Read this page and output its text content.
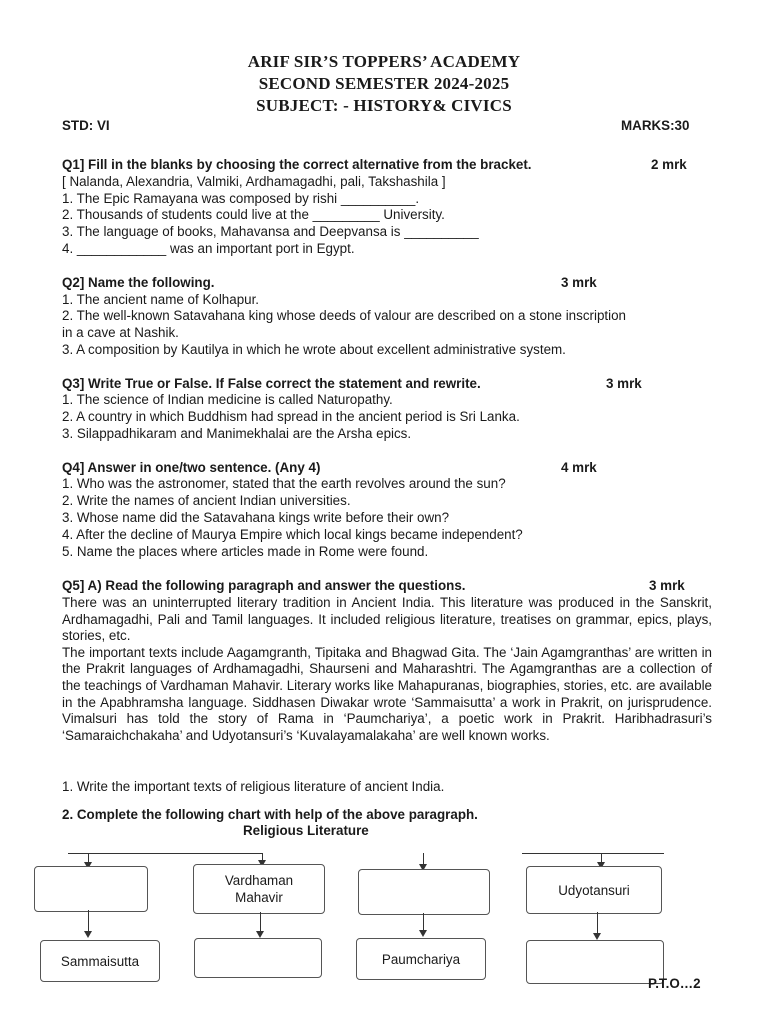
ARIF SIR’S TOPPERS’ ACADEMY
SECOND SEMESTER 2024-2025
SUBJECT: - HISTORY& CIVICS
STD: VI	MARKS:30
Q1] Fill in the blanks by choosing the correct alternative from the bracket.	2 mrk
[ Nalanda, Alexandria, Valmiki, Ardhamagadhi, pali, Takshashila ]
1. The Epic Ramayana was composed by rishi __________.
2. Thousands of students could live at the _________ University.
3. The language of books, Mahavansa and Deepvansa is __________
4. ____________ was an important port in Egypt.
Q2] Name the following.	3 mrk
1. The ancient name of Kolhapur.
2. The well-known Satavahana king whose deeds of valour are described on a stone inscription
in a cave at Nashik.
3. A composition by Kautilya in which he wrote about excellent administrative system.
Q3] Write True or False. If False correct the statement and rewrite.	3 mrk
1. The science of Indian medicine is called Naturopathy.
2. A country in which Buddhism had spread in the ancient period is Sri Lanka.
3. Silappadhikaram and Manimekhalai are the Arsha epics.
Q4] Answer in one/two sentence. (Any 4)	4 mrk
1. Who was the astronomer, stated that the earth revolves around the sun?
2. Write the names of ancient Indian universities.
3. Whose name did the Satavahana kings write before their own?
4. After the decline of Maurya Empire which local kings became independent?
5. Name the places where articles made in Rome were found.
Q5] A) Read the following paragraph and answer the questions.	3 mrk

There was an uninterrupted literary tradition in Ancient India. This literature was produced in the Sanskrit, Ardhamagadhi, Pali and Tamil languages. It included religious literature, treatises on grammar, epics, plays, stories, etc.

The important texts include Aagamgranth, Tipitaka and Bhagwad Gita. The ‘Jain Agamgranthas’ are written in the Prakrit languages of Ardhamagadhi, Shaurseni and Maharashtri. The Agamgranthas are a collection of the teachings of Vardhaman Mahavir. Literary works like Mahapuranas, biographies, stories, etc. are available in the Apabhramsha language. Siddhasen Diwakar wrote ‘Sammaisutta’ a work in Prakrit, on jurisprudence. Vimalsuri has told the story of Rama in ‘Paumchariya’, a poetic work in Prakrit. Haribhadrasuri’s ‘Samaraichchakaha’ and Udyotansuri’s ‘Kuvalayamalakaha’ are well known works.

1. Write the important texts of religious literature of ancient India.
2. Complete the following chart with help of the above paragraph.
Religious Literature
Vardhaman
Mahavir	Udyotansuri
Sammaisutta	Paumchariya
P.T.O…2
